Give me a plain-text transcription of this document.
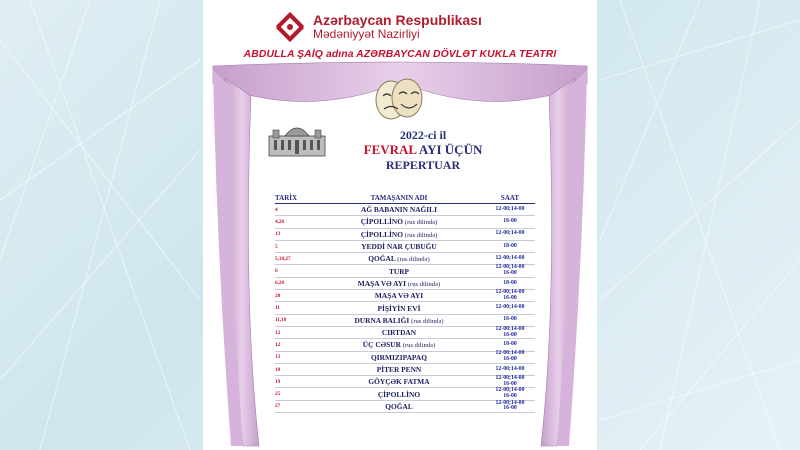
Azərbaycan Respublikası
Mədəniyyət Nazirliyi
ABDULLA ŞAİQ adına AZƏRBAYCAN DÖVLƏT KUKLA TEATRI
2022-ci il
FEVRAL AYI ÜÇÜN
REPERTUAR
TARİX	TAMAŞANIN ADI	SAAT
4	AĞ BABANIN NAĞILI	12-00;14-00
4,20	ÇİPOLLİNO (rus dilində)	16-00
13	ÇİPOLLİNO (rus dilində)	12-00;14-00
5	YEDDİ NAR ÇUBUĞU	18-00
5,18,27	QOĞAL (rus dilində)	12-00;14-00
6	TURP	12-00;14-00
16-00
6,20	MAŞA VƏ AYI (rus dilində)	18-00
20	MAŞA VƏ AYI	12-00;14-00
16-00
11	PİŞİYİN EVİ	12-00;14-00
11,18	DURNA BALIĞI (rus dilində)	16-00
12	CIRTDAN	12-00;14-00
16-00
12	ÜÇ CƏSUR (rus dilində)	18-00
13	QIRMIZIPAPAQ	12-00;14-00
16-00
18	PİTER PENN	12-00;14-00
19	GÖYÇƏK FATMA	12-00;14-00
16-00
25	ÇİPOLLİNO	12-00;14-00
16-00
27	QOĞAL	12-00;14-00
16-00
